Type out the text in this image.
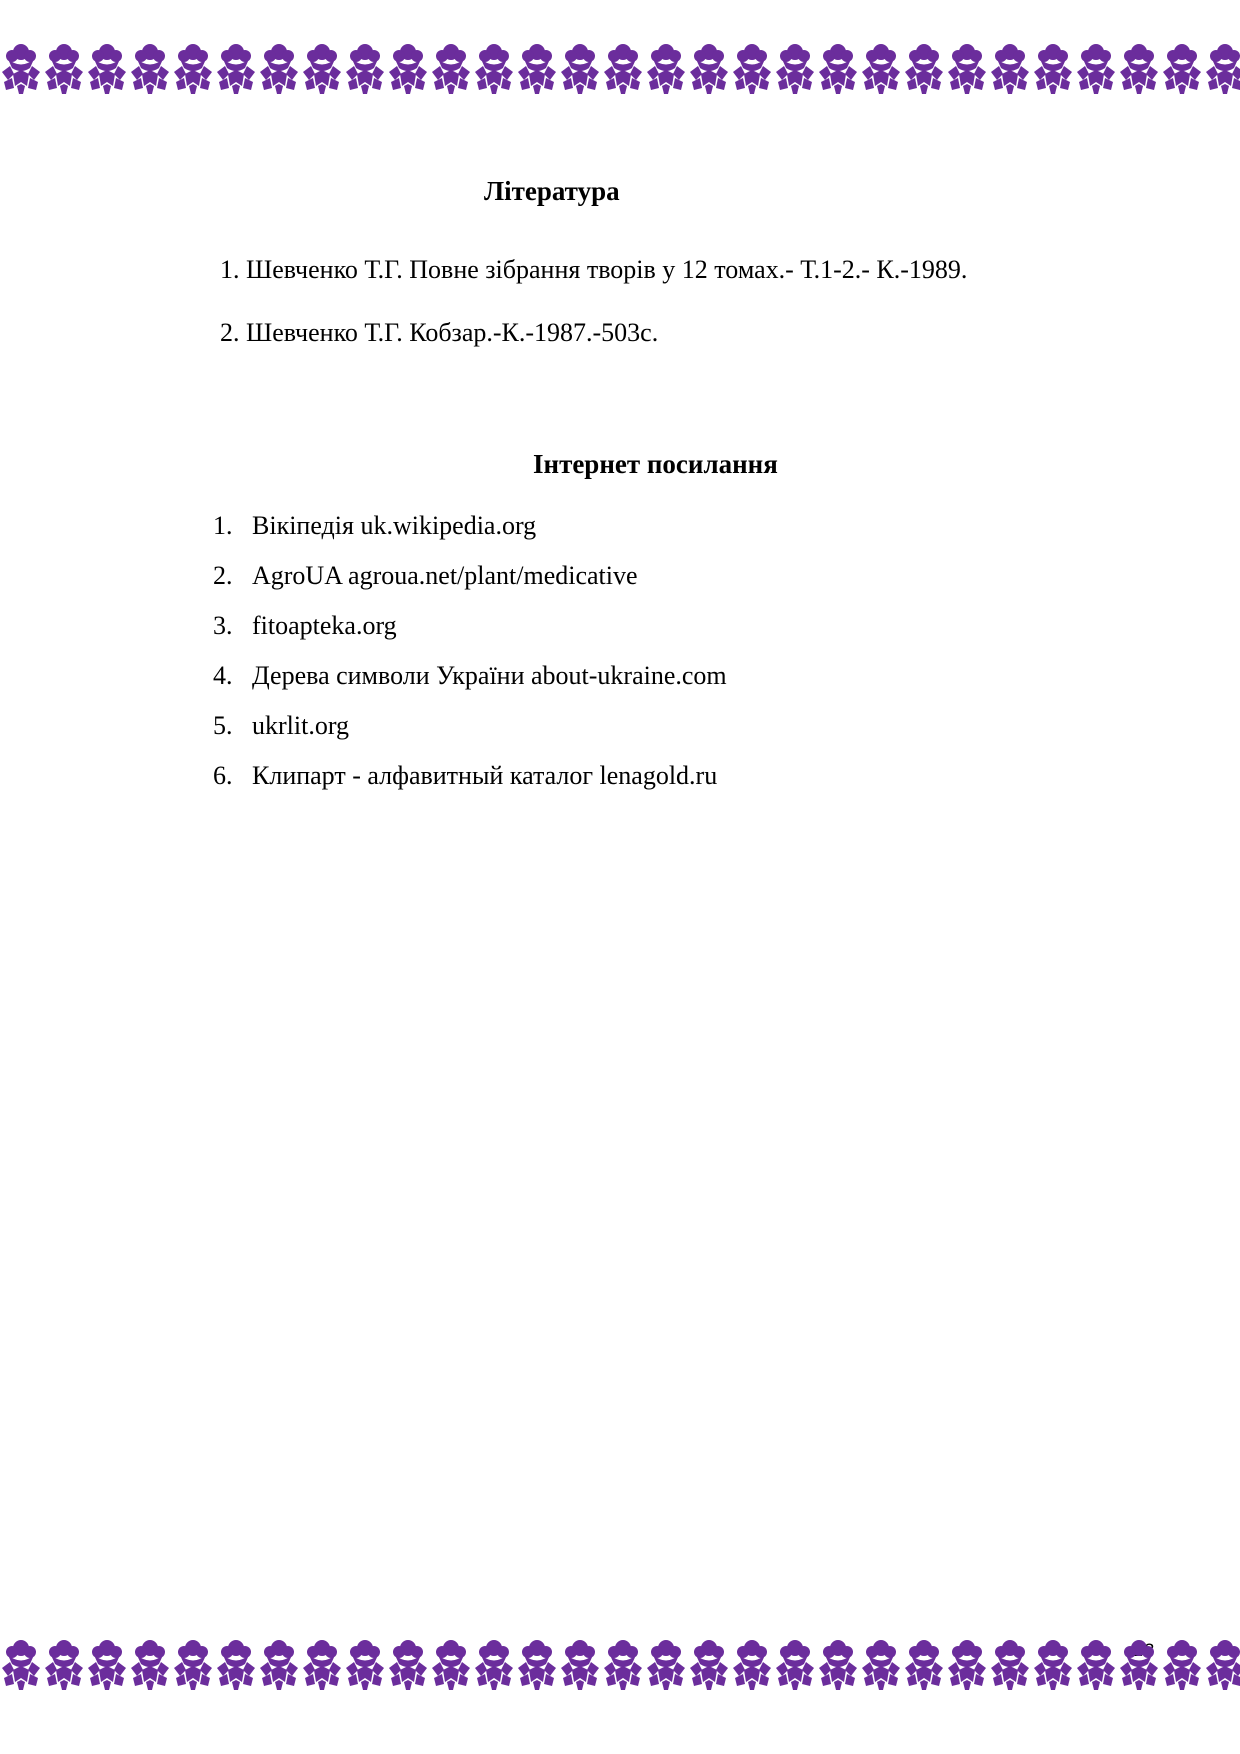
Література
1. Шевченко Т.Г. Повне зібрання творів у 12 томах.- Т.1-2.- К.-1989.
2. Шевченко Т.Г. Кобзар.-К.-1987.-503с.
Інтернет посилання
1. Вікіпедія uk.wikipedia.org
2. AgroUA agroua.net/plant/medicative
3. fitoapteka.org
4. Дерева символи України about-ukraine.com
5. ukrlit.org
6. Клипарт - алфавитный каталог lenagold.ru
